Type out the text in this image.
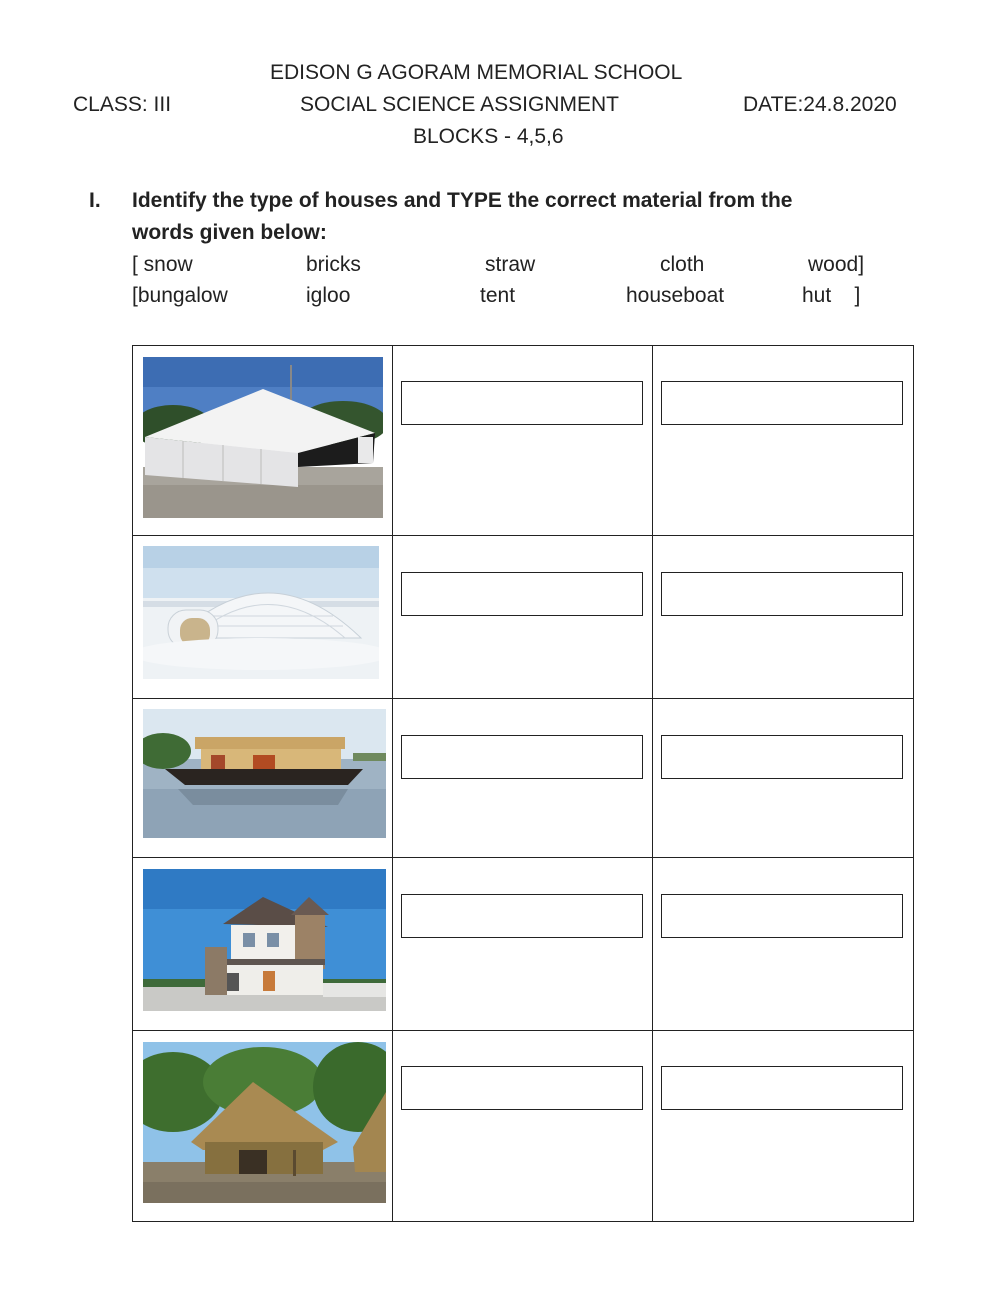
EDISON G AGORAM MEMORIAL SCHOOL
CLASS: III	SOCIAL SCIENCE ASSIGNMENT	DATE:24.8.2020
BLOCKS - 4,5,6
I. Identify the type of houses and TYPE the correct material from the
words given below:
[ snow	bricks	straw	cloth	wood]
[bungalow	igloo	tent	houseboat	hut    ]
